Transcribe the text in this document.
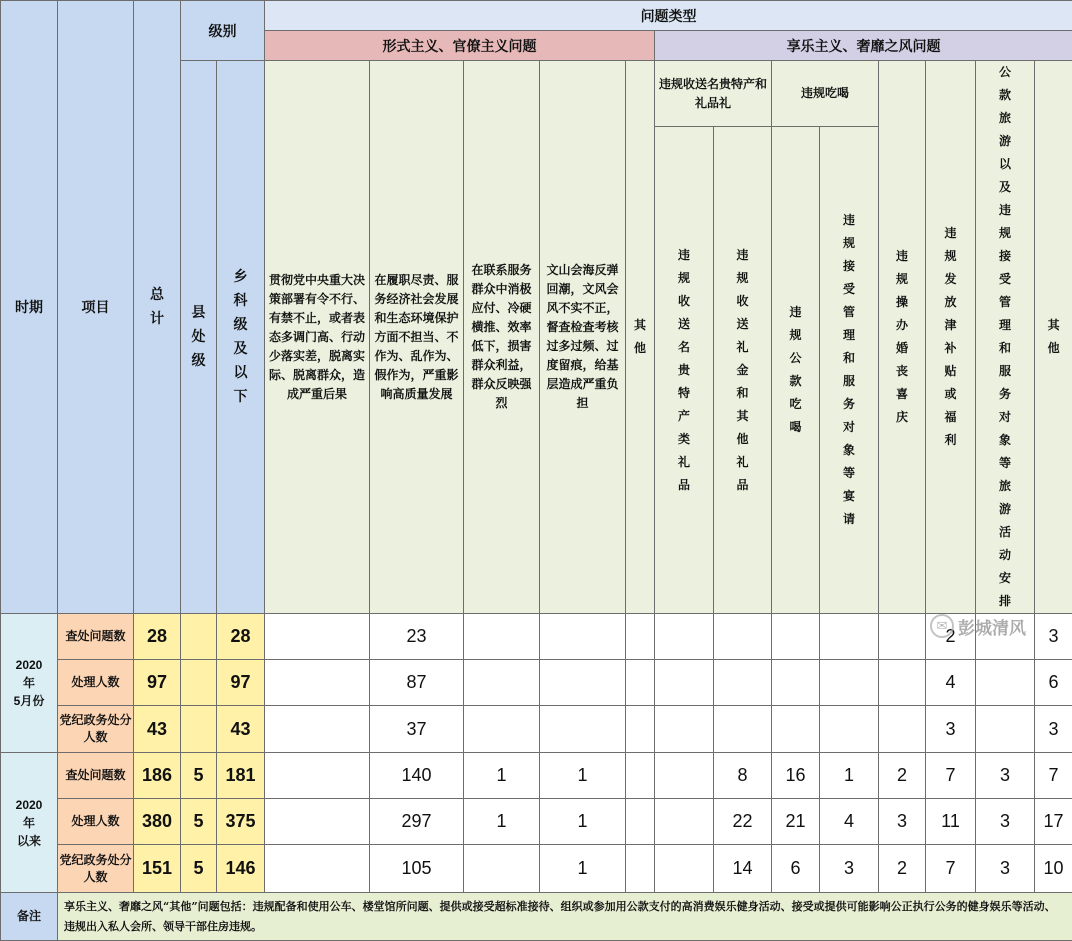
时期	项目	总计	级别		问题类型												
					形式主义、官僚主义问题					享乐主义、奢靡之风问题							
			县处级	乡科级及以下	贯彻党中央重大决策部署有令不行、有禁不止，或者表态多调门高、行动少落实差，脱离实际、脱离群众，造成严重后果	在履职尽责、服务经济社会发展和生态环境保护方面不担当、不作为、乱作为、假作为，严重影响高质量发展	在联系服务群众中消极应付、冷硬横推、效率低下，损害群众利益，群众反映强烈	文山会海反弹回潮，文风会风不实不正，督查检查考核过多过频、过度留痕，给基层造成严重负担	其他	违规收送名贵特产和礼品礼		违规吃喝		违规操办婚丧喜庆	违规发放津补贴或福利	公款旅游以及违规接受管理和服务对象等旅游活动安排	其他
										违规收送名贵特产类礼品	违规收送礼金和其他礼品	违规公款吃喝	违规接受管理和服务对象等宴请				

2020
年
5月份	查处问题数	28		28		23									2		3
	处理人数	97		97		87									4		6
	党纪政务处分人数	43		43		37									3		3

2020
年
以来	查处问题数	186	5	181		140	1	1			8	16	1	2	7	3	7
	处理人数	380	5	375		297	1	1			22	21	4	3	11	3	17
	党纪政务处分人数	151	5	146		105		1			14	6	3	2	7	3	10
备注	享乐主义、奢靡之风“其他”问题包括：违规配备和使用公车、楼堂馆所问题、提供或接受超标准接待、组织或参加用公款支付的高消费娱乐健身活动、接受或提供可能影响公正执行公务的健身娱乐等活动、违规出入私人会所、领导干部住房违规。																
✉ 彭城清风
